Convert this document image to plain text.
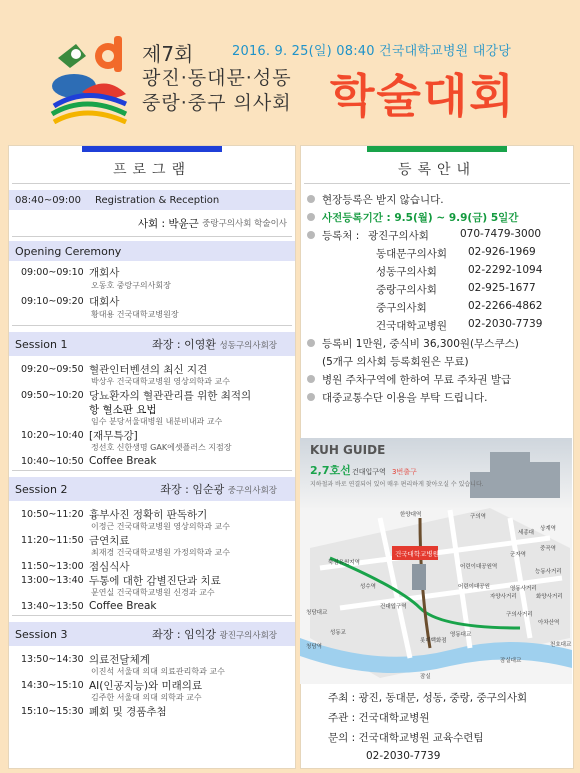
제7회	2016. 9. 25(일) 08:40 건국대학교병원 대강당
광진·동대문·성동
중랑·중구 의사회 학술대회
프로그램
08:40~09:00	Registration & Reception
사회 : 박윤근
중랑구의사회 학술이사
Opening Ceremony
09:00~09:10 개회사
오동호 중랑구의사회장
09:10~09:20 대회사
황대용 건국대학교병원장
Session 1	좌장 : 이영환 성동구의사회장
09:20~09:50 혈관인터벤션의 최신 지견
박상우 건국대학교병원 영상의학과 교수
09:50~10:20 당뇨환자의 혈관관리를 위한 최적의
항 혈소판 요법
임수 분당서울대병원 내분비내과 교수
10:20~10:40 [재무특강]
정선호 신한생명 GAK에셋플러스 지점장
10:40~10:50 Coffee Break
Session 2	좌장 : 임순광 중구의사회장
10:50~11:20 흉부사진 정확히 판독하기
이정근 건국대학교병원 영상의학과 교수
11:20~11:50 금연치료
최재경 건국대학교병원 가정의학과 교수
11:50~13:00 점심식사
13:00~13:40 두통에 대한 감별진단과 치료
문연실 건국대학교병원 신경과 교수
13:40~13:50 Coffee Break
Session 3	좌장 : 임익강 광진구의사회장
13:50~14:30 의료전달체계
이진석 서울대 의대 의료관리학과 교수
14:30~15:10 AI(인공지능)와 미래의료
김주한 서울대 의대 의학과 교수
15:10~15:30 폐회 및 경품추첨
등록안내
현장등록은 받지 않습니다.
사전등록기간 : 9.5(월) ~ 9.9(금) 5일간
등록처 : 광진구의사회	070-7479-3000
동대문구의사회	02-926-1969
성동구의사회	02-2292-1094
중랑구의사회	02-925-1677
중구의사회	02-2266-4862
건국대학교병원	02-2030-7739
등록비 1만원, 중식비 36,300원(무스쿠스)
(5개구 의사회 등록회원은 무료)
병원 주차구역에 한하여 무료 주차권 발급
대중교통수단 이용을 부탁 드립니다.
KUH GUIDE
2,7호선 건대입구역 3번출구
지하철과 바로 연결되어 있어 매우 편리하게 찾아오실 수 있습니다.
건국대학교병원
한양대역	구의역
뚝섬유원지역
어린이대공원역
군자역
성수역
건대입구역
어린이대공원
자양사거리
성동교	영동대교
청담대교
잠실
능동사거리
화양사거리
구의사거리
아차산역
롯데백화점
세종대
상계역
중곡역
영동사거리
천호대교
잠실대교
청담역
주최 : 광진, 동대문, 성동, 중랑, 중구의사회
주관 : 건국대학교병원
문의 : 건국대학교병원 교육수련팀
02-2030-7739
